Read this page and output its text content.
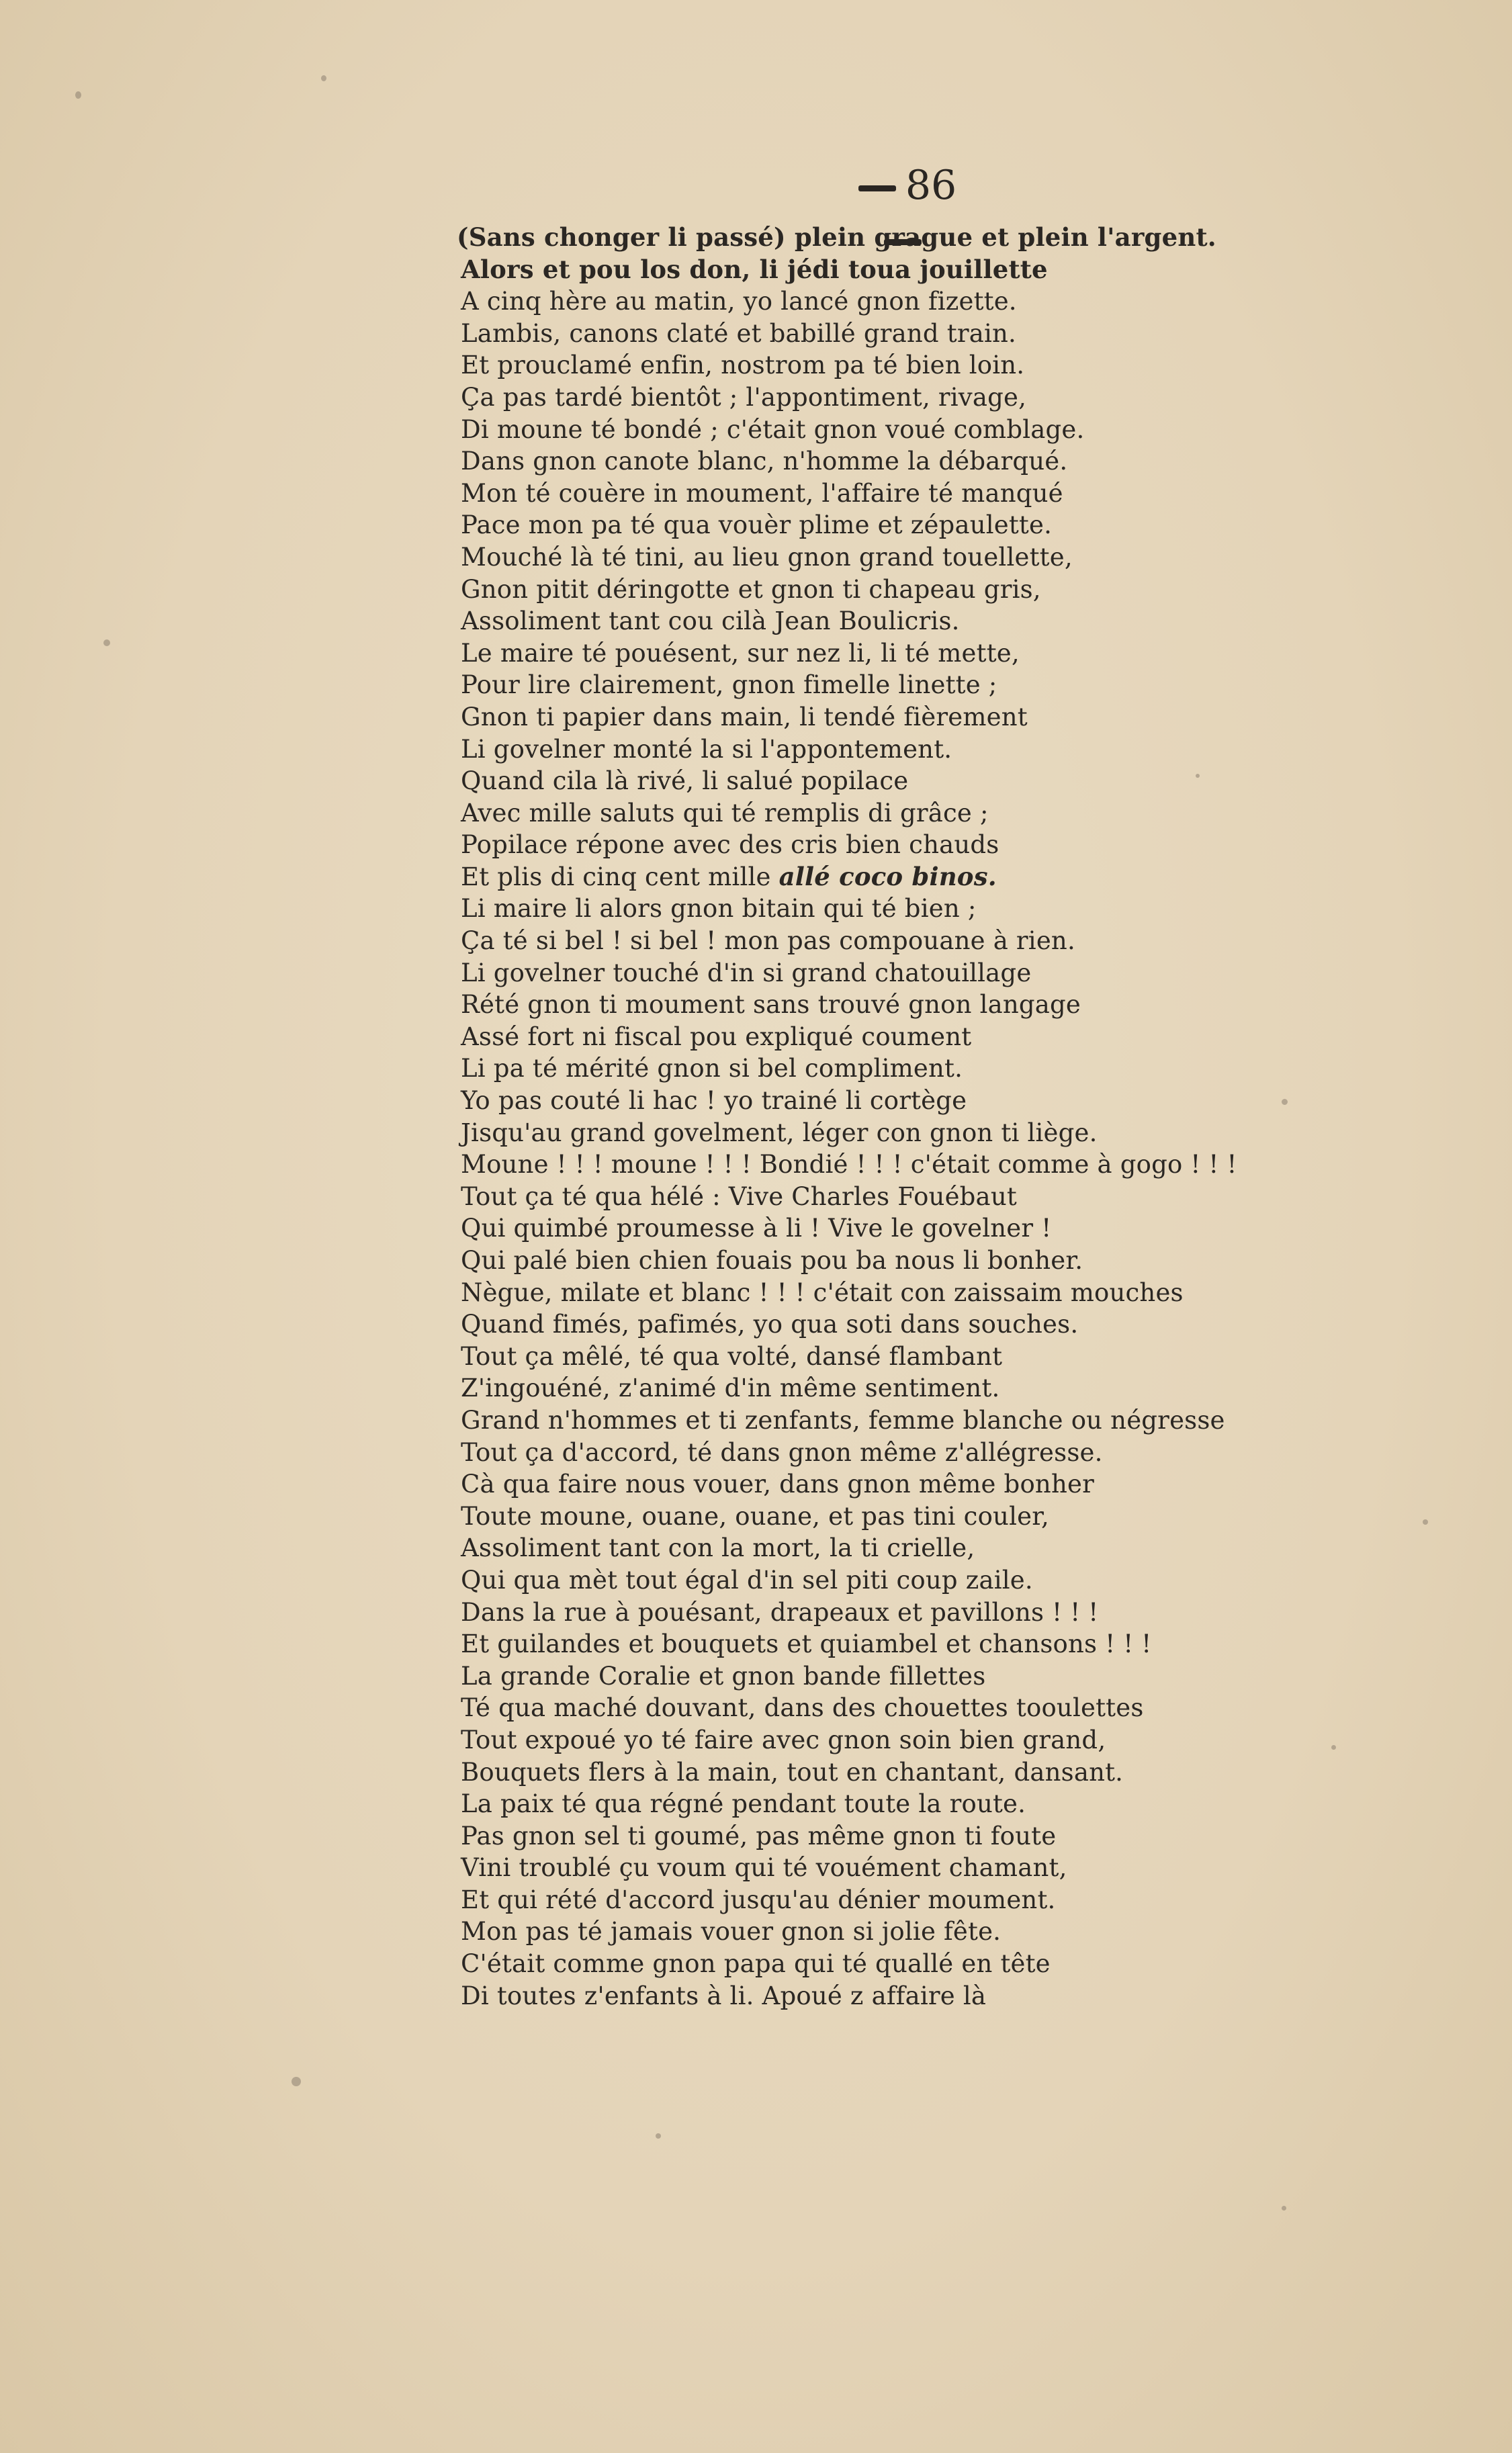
86
(Sans chonger li passé) plein gragu​e et plein l'argent.
Alors et pou los don, li jédi toua jouillette
A cinq hère au matin, yo lancé gnon fizette.
Lambis, canons claté et babillé grand train.
Et prouclamé enfin, nostrom pa té bien loin.
Ça pas tardé bientôt ; l'appontiment, rivage,
Di moune té bondé ; c'était gnon voué comblage.
Dans gnon canote blanc, n'homme la débarqué.
Mon té couère in moument, l'affaire té manqué
Pace mon pa té qua vouèr plime et zépaulette.
Mouché là té tini, au lieu gnon grand touellette,
Gnon pitit déringotte et gnon ti chapeau gris,
Assoliment tant cou cilà Jean Boulicris.
Le maire té pouésent, sur nez li, li té mette,
Pour lire clairement, gnon fimelle linette ;
Gnon ti papier dans main, li tendé fièrement
Li govelner monté la si l'appontement.
Quand cila là rivé, li salué popilace
Avec mille saluts qui té remplis di grâce ;
Popilace répone avec des cris bien chauds
Et plis di cinq cent mille allé coco binos.
Li maire li alors gnon bitain qui té bien ;
Ça té si bel ! si bel ! mon pas compouane à rien.
Li govelner touché d'in si grand chatouillage
Rété gnon ti moument sans trouvé gnon langage
Assé fort ni fiscal pou expliqué coument
Li pa té mérité gnon si bel compliment.
Yo pas couté li hac ! yo trainé li cortège
Jisqu'au grand govelment, léger con gnon ti liège.
Moune ! ! ! moune ! ! ! Bondié ! ! ! c'était comme à gogo ! ! !
Tout ça té qua hélé : Vive Charles Fouébaut
Qui quimbé proumesse à li ! Vive le govelner !
Qui palé bien chien fouais pou ba nous li bonher.
Nègue, milate et blanc ! ! ! c'était con zaissaim mouches
Quand fimés, pafimés, yo qua soti dans souches.
Tout ça mêlé, té qua volté, dansé flambant
Z'ingouéné, z'animé d'in même sentiment.
Grand n'hommes et ti zenfants, femme blanche ou négresse
Tout ça d'accord, té dans gnon même z'allégresse.
Cà qua faire nous vouer, dans gnon même bonher
Toute moune, ouane, ouane, et pas tini couler,
Assoliment tant con la mort, la ti crielle,
Qui qua mèt tout égal d'in sel piti coup zaile.
Dans la rue à pouésant, drapeaux et pavillons ! ! !
Et guilandes et bouquets et quiambel et chansons ! ! !
La grande Coralie et gnon bande fillettes
Té qua maché douvant, dans des chouettes tooulettes
Tout expoué yo té faire avec gnon soin bien grand,
Bouquets flers à la main, tout en chantant, dansant.
La paix té qua régné pendant toute la route.
Pas gnon sel ti goumé, pas même gnon ti foute
Vini troublé çu voum qui té vouément chamant,
Et qui rété d'accord jusqu'au dénier moument.
Mon pas té jamais vouer gnon si jolie fête.
C'était comme gnon papa qui té quallé en tête
Di toutes z'enfants à li. Apoué z affaire là
